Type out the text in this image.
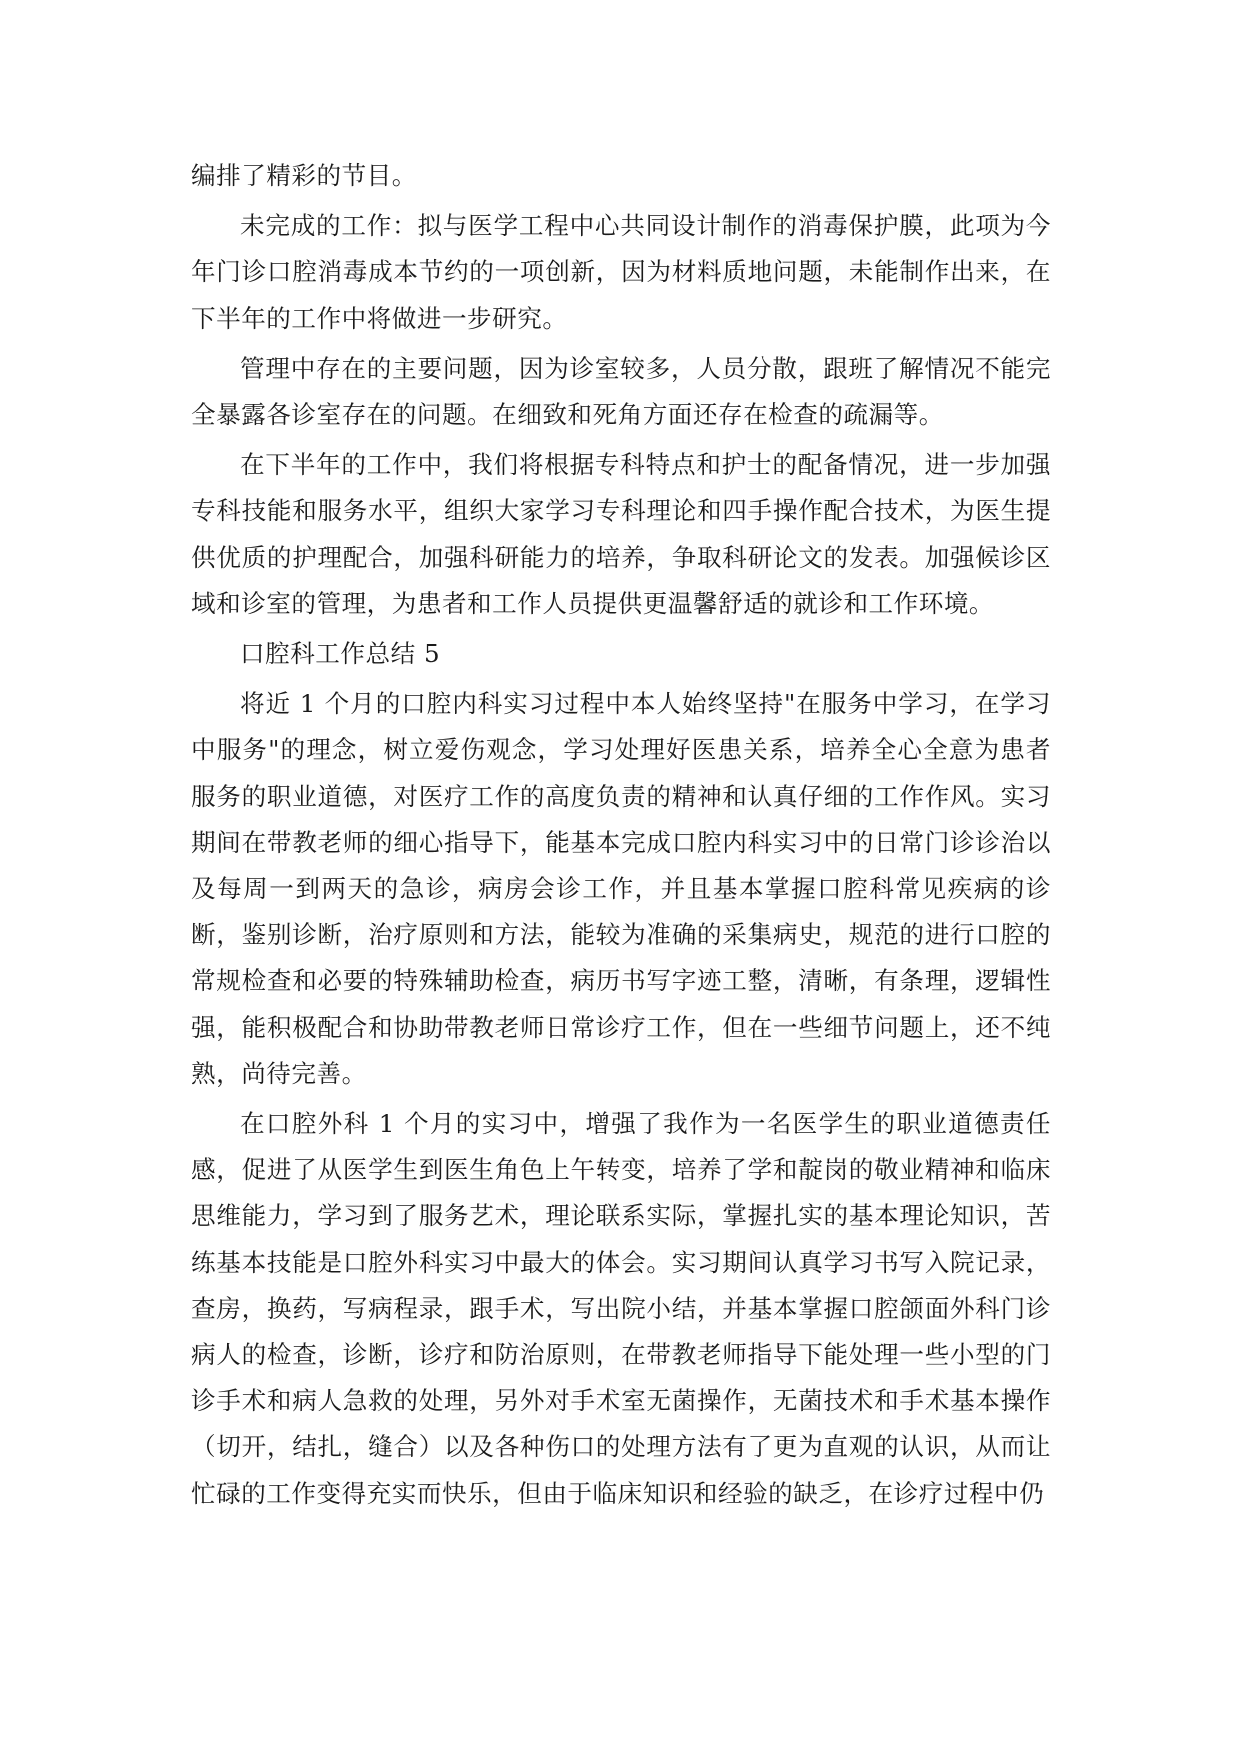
编排了精彩的节目。

未完成的工作：拟与医学工程中心共同设计制作的消毒保护膜，此项为今年门诊口腔消毒成本节约的一项创新，因为材料质地问题，未能制作出来，在下半年的工作中将做进一步研究。

管理中存在的主要问题，因为诊室较多，人员分散，跟班了解情况不能完全暴露各诊室存在的问题。在细致和死角方面还存在检查的疏漏等。

在下半年的工作中，我们将根据专科特点和护士的配备情况，进一步加强专科技能和服务水平，组织大家学习专科理论和四手操作配合技术，为医生提供优质的护理配合，加强科研能力的培养，争取科研论文的发表。加强候诊区域和诊室的管理，为患者和工作人员提供更温馨舒适的就诊和工作环境。

口腔科工作总结 5

将近 1 个月的口腔内科实习过程中本人始终坚持"在服务中学习，在学习中服务"的理念，树立爱伤观念，学习处理好医患关系，培养全心全意为患者服务的职业道德，对医疗工作的高度负责的精神和认真仔细的工作作风。实习期间在带教老师的细心指导下，能基本完成口腔内科实习中的日常门诊诊治以及每周一到两天的急诊，病房会诊工作，并且基本掌握口腔科常见疾病的诊断，鉴别诊断，治疗原则和方法，能较为准确的采集病史，规范的进行口腔的常规检查和必要的特殊辅助检查，病历书写字迹工整，清晰，有条理，逻辑性强，能积极配合和协助带教老师日常诊疗工作，但在一些细节问题上，还不纯熟，尚待完善。

在口腔外科 1 个月的实习中，增强了我作为一名医学生的职业道德责任感，促进了从医学生到医生角色上午转变，培养了学和靛岗的敬业精神和临床思维能力，学习到了服务艺术，理论联系实际，掌握扎实的基本理论知识，苦练基本技能是口腔外科实习中最大的体会。实习期间认真学习书写入院记录，查房，换药，写病程录，跟手术，写出院小结，并基本掌握口腔颌面外科门诊病人的检查，诊断，诊疗和防治原则，在带教老师指导下能处理一些小型的门诊手术和病人急救的处理，另外对手术室无菌操作，无菌技术和手术基本操作（切开，结扎，缝合）以及各种伤口的处理方法有了更为直观的认识，从而让忙碌的工作变得充实而快乐，但由于临床知识和经验的缺乏，在诊疗过程中仍
